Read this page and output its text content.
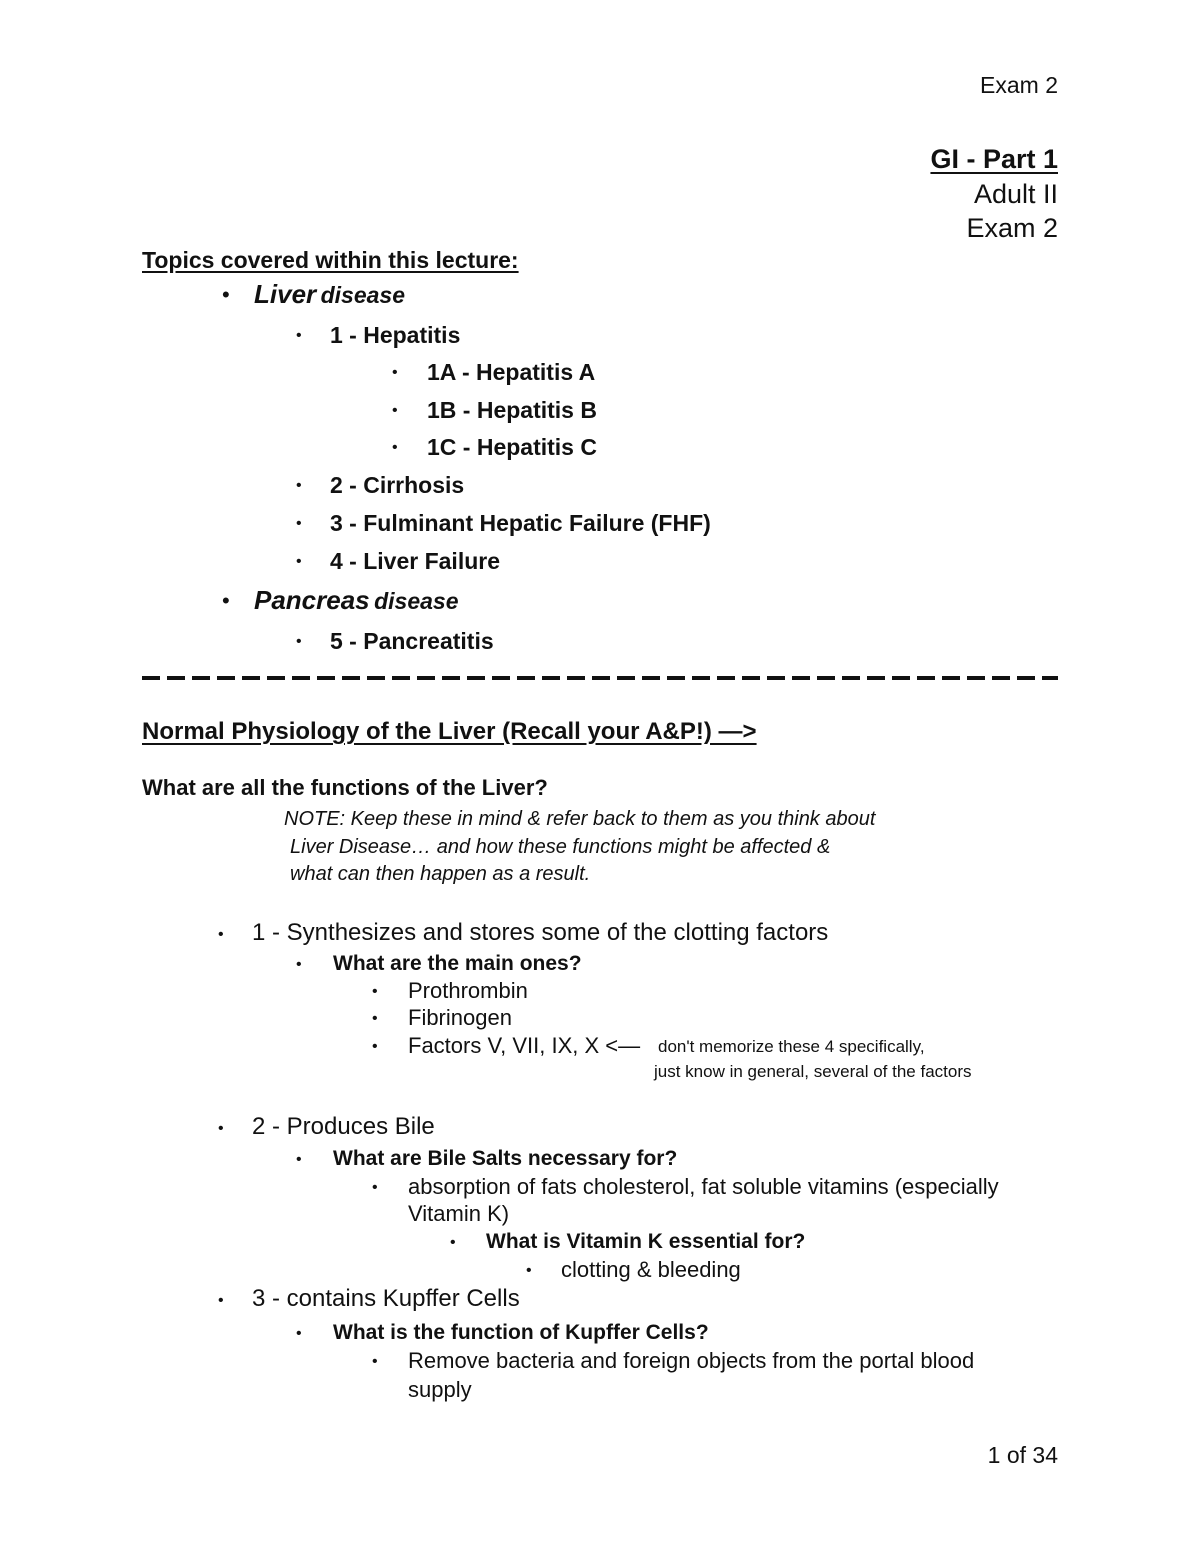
Exam 2
GI - Part 1
Adult II
Exam 2
Topics covered within this lecture:
• Liver disease
• 1 - Hepatitis
• 1A - Hepatitis A
• 1B - Hepatitis B
• 1C - Hepatitis C
• 2 - Cirrhosis
• 3 - Fulminant Hepatic Failure (FHF)
• 4 - Liver Failure
• Pancreas disease
• 5 - Pancreatitis
Normal Physiology of the Liver (Recall your A&P!) —>
What are all the functions of the Liver?
NOTE: Keep these in mind & refer back to them as you think about
Liver Disease… and how these functions might be affected &
what can then happen as a result.
• 1 - Synthesizes and stores some of the clotting factors
• What are the main ones?
• Prothrombin
• Fibrinogen
• Factors V, VII, IX, X <— don't memorize these 4 specifically,
just know in general, several of the factors
• 2 - Produces Bile
• What are Bile Salts necessary for?
• absorption of fats cholesterol, fat soluble vitamins (especially
Vitamin K)
• What is Vitamin K essential for?
• clotting & bleeding
• 3 - contains Kupffer Cells
• What is the function of Kupffer Cells?
• Remove bacteria and foreign objects from the portal blood
supply
1 of 34
